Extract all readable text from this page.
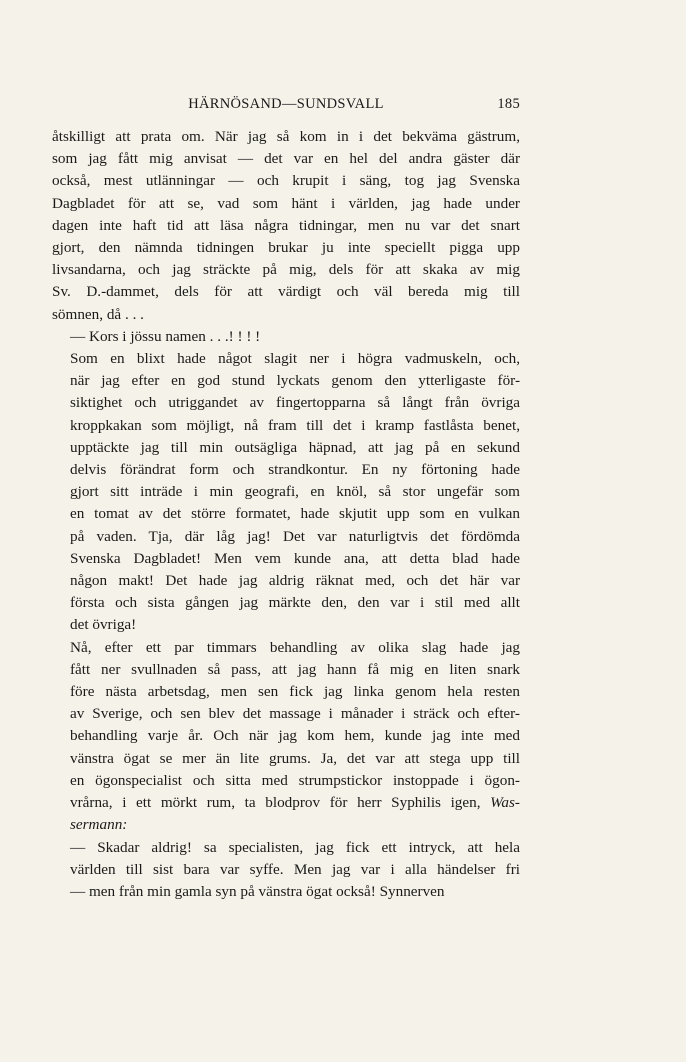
HÄRNÖSAND—SUNDSVALL	185

åtskilligt att prata om. När jag så kom in i det bekväma gästrum,
som jag fått mig anvisat — det var en hel del andra gäster där
också, mest utlänningar — och krupit i säng, tog jag Svenska
Dagbladet för att se, vad som hänt i världen, jag hade under
dagen inte haft tid att läsa några tidningar, men nu var det snart
gjort, den nämnda tidningen brukar ju inte speciellt pigga upp
livsandarna, och jag sträckte på mig, dels för att skaka av mig
Sv. D.-dammet, dels för att värdigt och väl bereda mig till
sömnen, då . . .

— Kors i jössu namen . . .! ! ! !

Som en blixt hade något slagit ner i högra vadmuskeln, och,
när jag efter en god stund lyckats genom den ytterligaste för-
siktighet och utriggandet av fingertopparna så långt från övriga
kroppkakan som möjligt, nå fram till det i kramp fastlåsta benet,
upptäckte jag till min outsägliga häpnad, att jag på en sekund
delvis förändrat form och strandkontur. En ny förtoning hade
gjort sitt inträde i min geografi, en knöl, så stor ungefär som
en tomat av det större formatet, hade skjutit upp som en vulkan
på vaden. Tja, där låg jag! Det var naturligtvis det fördömda
Svenska Dagbladet! Men vem kunde ana, att detta blad hade
någon makt! Det hade jag aldrig räknat med, och det här var
första och sista gången jag märkte den, den var i stil med allt
det övriga!

Nå, efter ett par timmars behandling av olika slag hade jag
fått ner svullnaden så pass, att jag hann få mig en liten snark
före nästa arbetsdag, men sen fick jag linka genom hela resten
av Sverige, och sen blev det massage i månader i sträck och efter-
behandling varje år. Och när jag kom hem, kunde jag inte med
vänstra ögat se mer än lite grums. Ja, det var att stega upp till
en ögonspecialist och sitta med strumpstickor instoppade i ögon-
vrårna, i ett mörkt rum, ta blodprov för herr Syphilis igen, Was-
sermann:

— Skadar aldrig! sa specialisten, jag fick ett intryck, att hela
världen till sist bara var syffe. Men jag var i alla händelser fri
— men från min gamla syn på vänstra ögat också! Synnerven
